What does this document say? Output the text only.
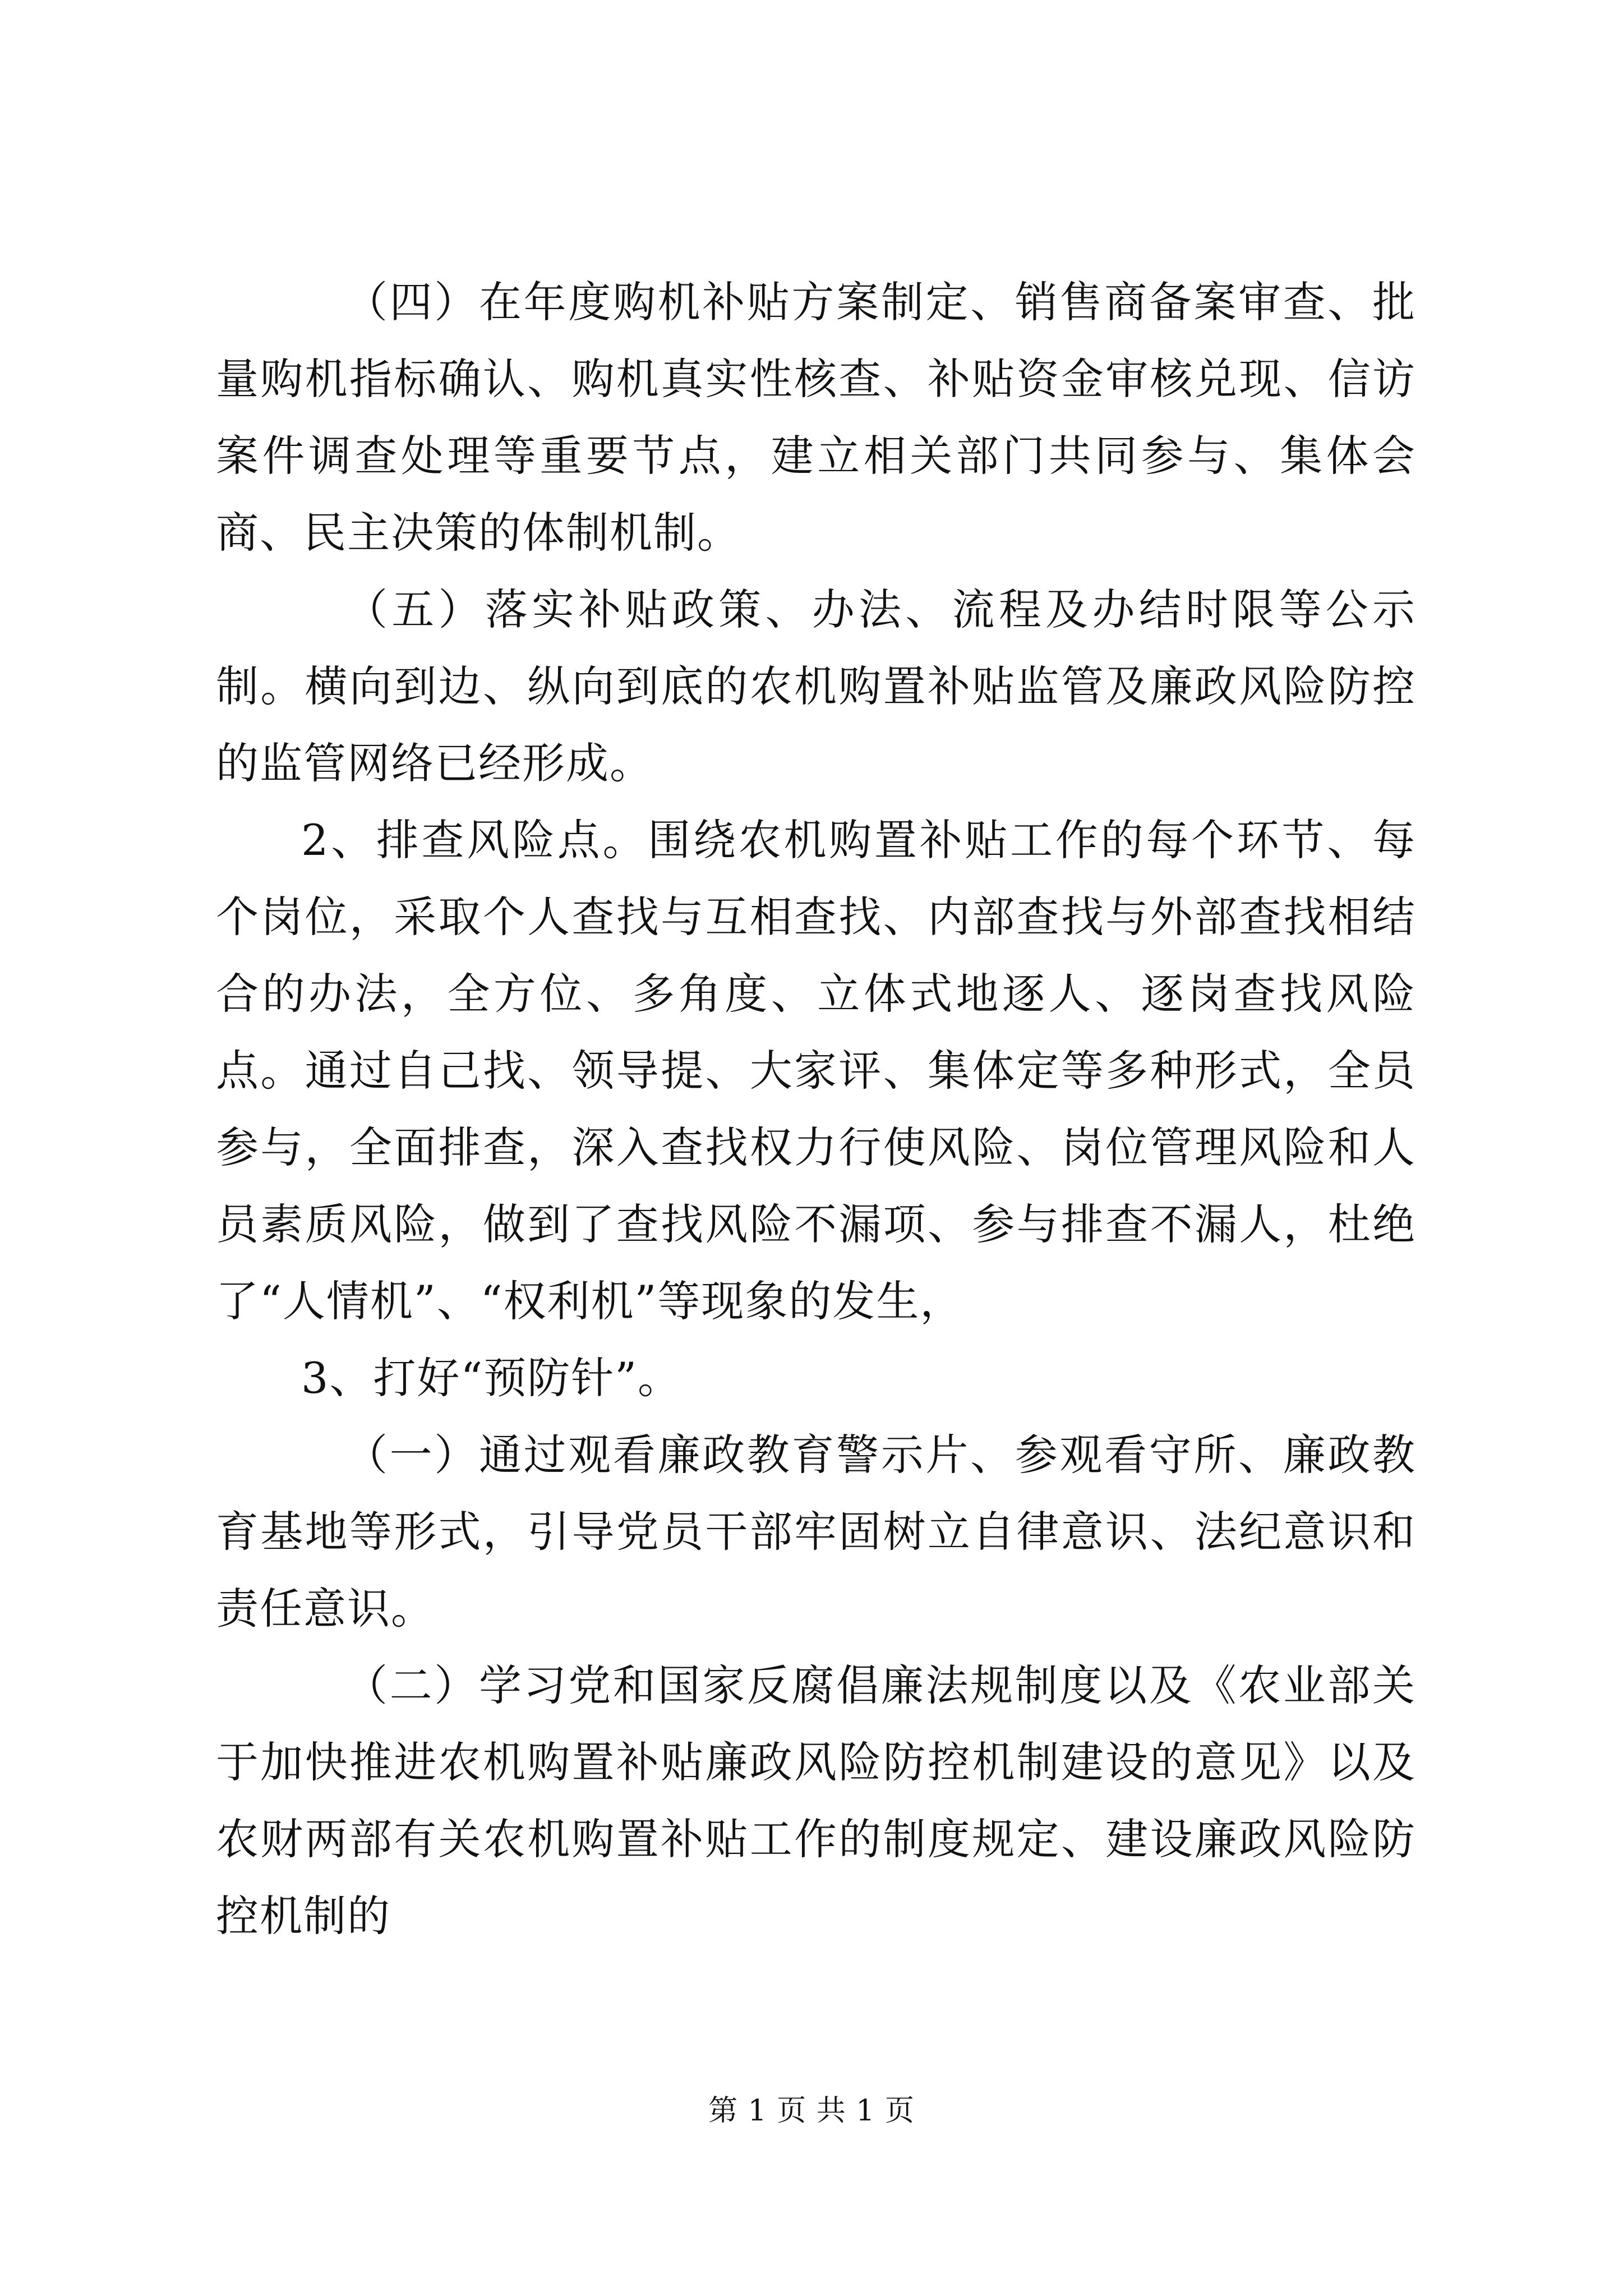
（四）在年度购机补贴方案制定、销售商备案审查、批量购机指标确认、购机真实性核查、补贴资金审核兑现、信访案件调查处理等重要节点，建立相关部门共同参与、集体会商、民主决策的体制机制。

（五）落实补贴政策、办法、流程及办结时限等公示制。横向到边、纵向到底的农机购置补贴监管及廉政风险防控的监管网络已经形成。

2、排查风险点。围绕农机购置补贴工作的每个环节、每个岗位，采取个人查找与互相查找、内部查找与外部查找相结合的办法，全方位、多角度、立体式地逐人、逐岗查找风险点。通过自己找、领导提、大家评、集体定等多种形式，全员参与，全面排查，深入查找权力行使风险、岗位管理风险和人员素质风险，做到了查找风险不漏项、参与排查不漏人，杜绝了“人情机”、“权利机”等现象的发生，

3、打好“预防针”。

（一）通过观看廉政教育警示片、参观看守所、廉政教育基地等形式，引导党员干部牢固树立自律意识、法纪意识和责任意识。

（二）学习党和国家反腐倡廉法规制度以及《农业部关于加快推进农机购置补贴廉政风险防控机制建设的意见》以及农财两部有关农机购置补贴工作的制度规定、建设廉政风险防控机制的

第 1 页 共 1 页
